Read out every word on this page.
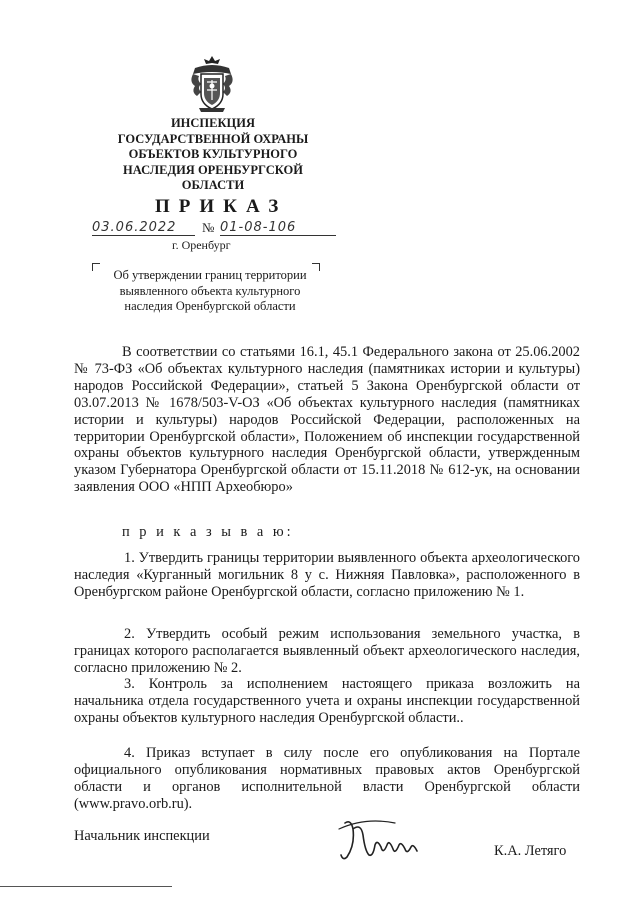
ИНСПЕКЦИЯ
ГОСУДАРСТВЕННОЙ ОХРАНЫ
ОБЪЕКТОВ КУЛЬТУРНОГО
НАСЛЕДИЯ ОРЕНБУРГСКОЙ
ОБЛАСТИ
ПРИКАЗ
03.06.2022	№ 01-08-106
г. Оренбург
Об утверждении границ территории
выявленного объекта культурного
наследия Оренбургской области
В соответствии со статьями 16.1, 45.1 Федерального закона от 25.06.2002 № 73-ФЗ «Об объектах культурного наследия (памятниках истории и культуры) народов Российской Федерации», статьей 5 Закона Оренбургской области от 03.07.2013 № 1678/503-V-ОЗ «Об объектах культурного наследия (памятниках истории и культуры) народов Российской Федерации, расположенных на территории Оренбургской области», Положением об инспекции государственной охраны объектов культурного наследия Оренбургской области, утвержденным указом Губернатора Оренбургской области от 15.11.2018 № 612-ук, на основании заявления ООО «НПП Археобюро»
п р и к а з ы в а ю:
1. Утвердить границы территории выявленного объекта археологического наследия «Курганный могильник 8 у с. Нижняя Павловка», расположенного в Оренбургском районе Оренбургской области, согласно приложению № 1.
2. Утвердить особый режим использования земельного участка, в границах которого располагается выявленный объект археологического наследия, согласно приложению № 2.
3. Контроль за исполнением настоящего приказа возложить на начальника отдела государственного учета и охраны инспекции государственной охраны объектов культурного наследия Оренбургской области..
4. Приказ вступает в силу после его опубликования на Портале официального опубликования нормативных правовых актов Оренбургской области и органов исполнительной власти Оренбургской области (www.pravo.orb.ru).
Начальник инспекции
К.А. Летяго
